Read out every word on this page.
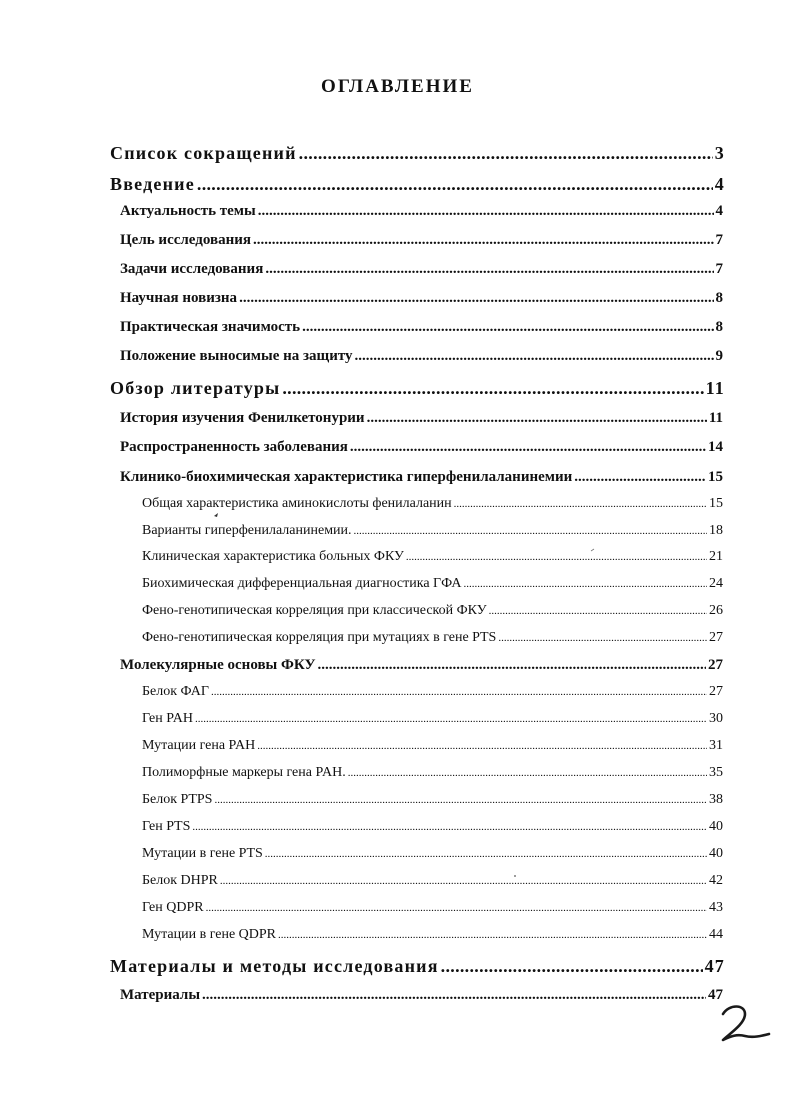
ОГЛАВЛЕНИЕ
Список сокращений .....	3
Введение .....	4
Актуальность темы .....	4
Цель исследования .....	7
Задачи исследования .....	7
Научная новизна .....	8
Практическая значимость .....	8
Положение выносимые на защиту .....	9
Обзор литературы .....	11
История изучения Фенилкетонурии .....	11
Распространенность заболевания .....	14
Клинико-биохимическая характеристика гиперфенилаланинемии .....	15
Общая характеристика аминокислоты фенилаланин .....	15
Варианты гиперфенилаланинемии. .....	18
Клиническая характеристика больных ФКУ .....	21
Биохимическая дифференциальная диагностика ГФА .....	24
Фено-генотипическая корреляция при классической ФКУ .....	26
Фено-генотипическая корреляция при мутациях в гене PTS .....	27
Молекулярные основы ФКУ .....	27
Белок ФАГ .....	27
Ген PAH .....	30
Мутации гена PAH .....	31
Полиморфные маркеры гена PAH. .....	35
Белок PTPS .....	38
Ген PTS .....	40
Мутации в гене PTS .....	40
Белок DHPR .....	42
Ген QDPR .....	43
Мутации в гене QDPR .....	44
Материалы и методы исследования .....	47
Материалы .....	47
